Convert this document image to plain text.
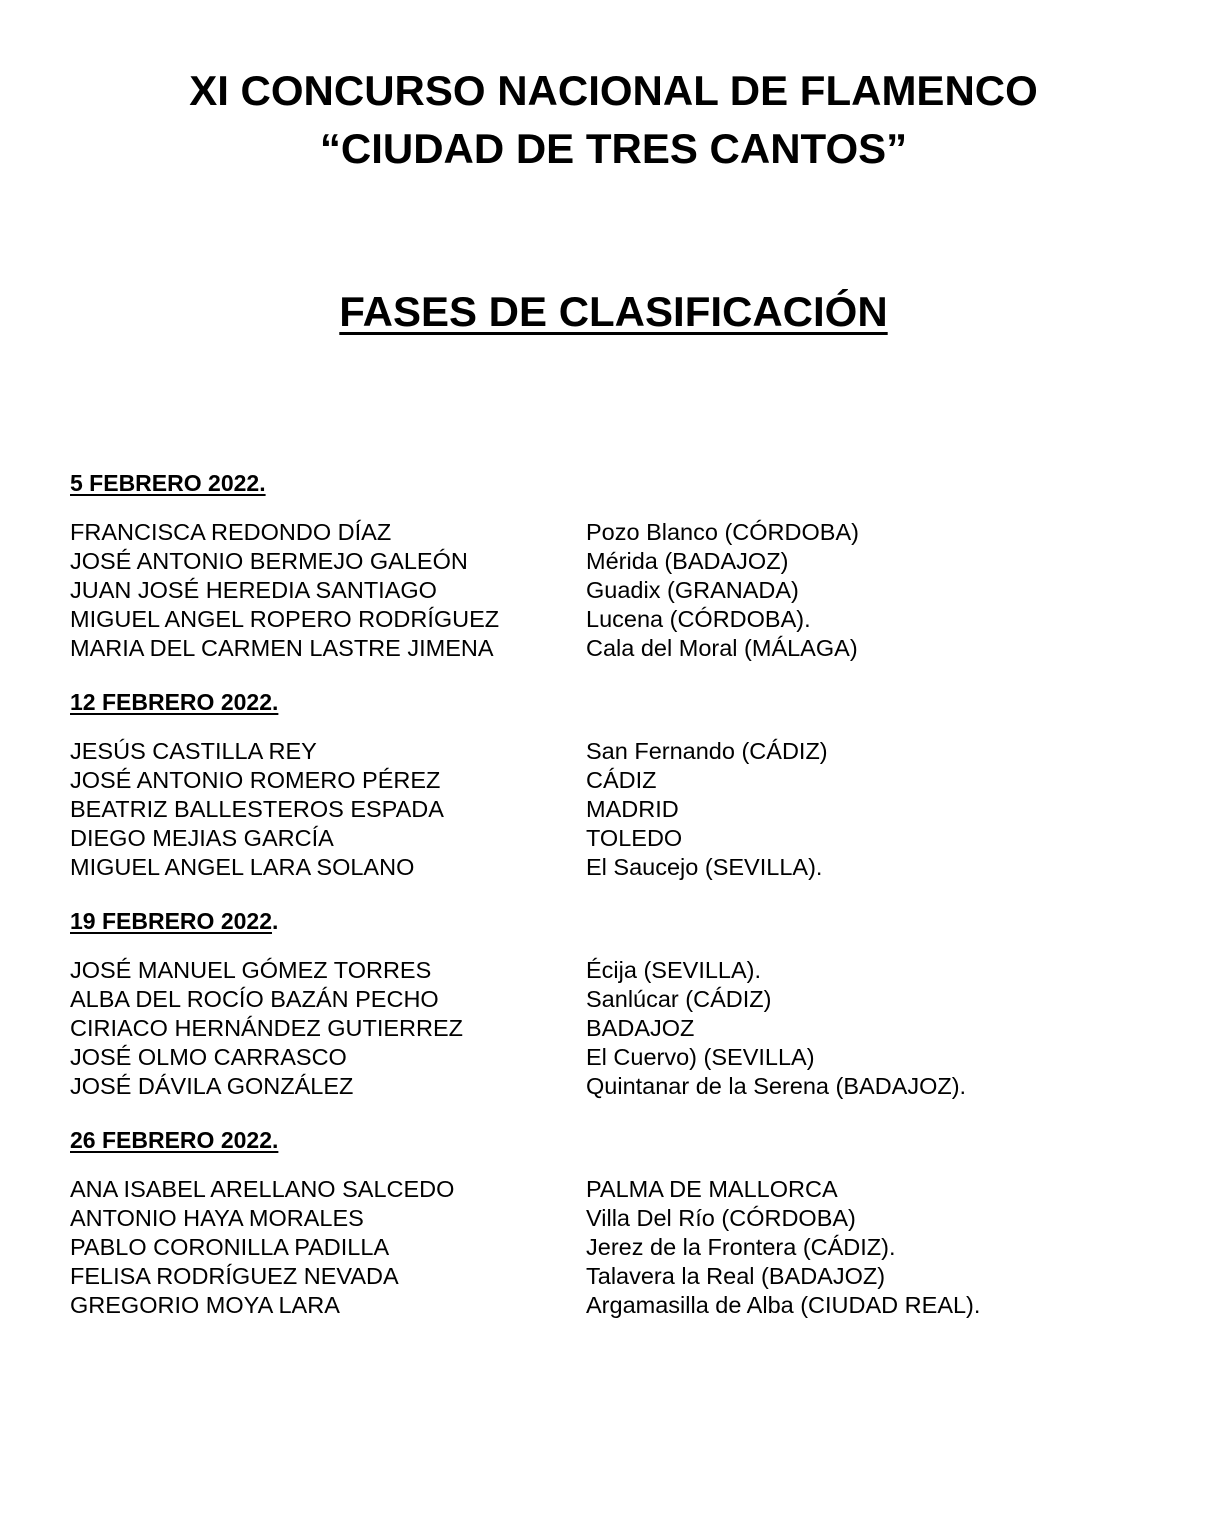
XI CONCURSO NACIONAL DE FLAMENCO
“CIUDAD DE TRES CANTOS”
FASES DE CLASIFICACIÓN
5 FEBRERO 2022.
FRANCISCA REDONDO DÍAZ	Pozo Blanco (CÓRDOBA)
JOSÉ ANTONIO BERMEJO GALEÓN	Mérida (BADAJOZ)
JUAN JOSÉ HEREDIA SANTIAGO	Guadix (GRANADA)
MIGUEL ANGEL ROPERO RODRÍGUEZ	Lucena (CÓRDOBA).
MARIA DEL CARMEN LASTRE JIMENA	Cala del Moral (MÁLAGA)
12 FEBRERO 2022.
JESÚS CASTILLA REY	San Fernando (CÁDIZ)
JOSÉ ANTONIO ROMERO PÉREZ	CÁDIZ
BEATRIZ BALLESTEROS ESPADA	MADRID
DIEGO MEJIAS GARCÍA	TOLEDO
MIGUEL ANGEL LARA SOLANO	El Saucejo (SEVILLA).
19 FEBRERO 2022.
JOSÉ MANUEL GÓMEZ TORRES	Écija (SEVILLA).
ALBA DEL ROCÍO BAZÁN PECHO	Sanlúcar (CÁDIZ)
CIRIACO HERNÁNDEZ GUTIERREZ	BADAJOZ
JOSÉ OLMO CARRASCO	El Cuervo) (SEVILLA)
JOSÉ DÁVILA GONZÁLEZ	Quintanar de la Serena (BADAJOZ).
26 FEBRERO 2022.
ANA ISABEL ARELLANO SALCEDO	PALMA DE MALLORCA
ANTONIO HAYA MORALES	Villa Del Río (CÓRDOBA)
PABLO CORONILLA PADILLA	Jerez de la Frontera (CÁDIZ).
FELISA RODRÍGUEZ NEVADA	Talavera la Real (BADAJOZ)
GREGORIO MOYA LARA	Argamasilla de Alba (CIUDAD REAL).
